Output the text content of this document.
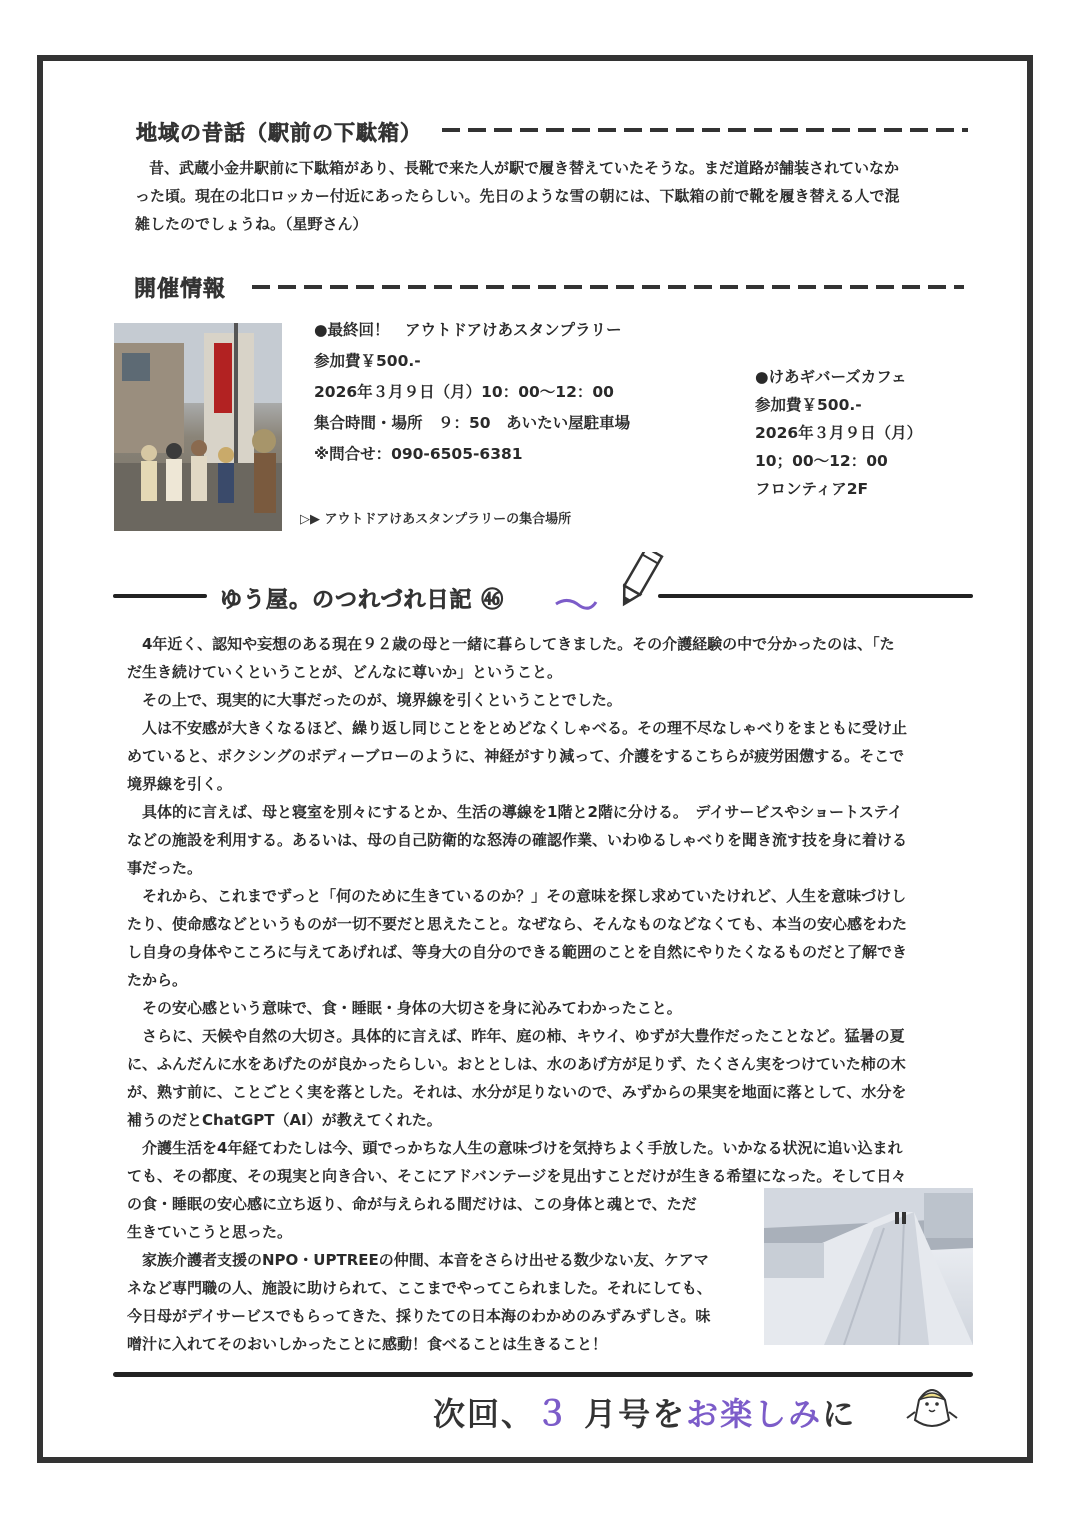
地域の昔話（駅前の下駄箱）
昔、武蔵小金井駅前に下駄箱があり、長靴で来た人が駅で履き替えていたそうな。まだ道路が舗装されていなか
った頃。現在の北口ロッカー付近にあったらしい。先日のような雪の朝には、下駄箱の前で靴を履き替える人で混
雑したのでしょうね。（星野さん）
開催情報
●最終回！　アウトドアけあスタンプラリー
参加費￥500.-
2026年３月９日（月）10：00〜12：00
集合時間・場所　９：50　あいたい屋駐車場
※問合せ：090-6505-6381
▷▶ アウトドアけあスタンプラリーの集合場所
●けあギバーズカフェ
参加費￥500.-
2026年３月９日（月）
10；00〜12：00
フロンティア2F
ゆう屋。のつれづれ日記 ㊻
　4年近く、認知や妄想のある現在９２歳の母と一緒に暮らしてきました。その介護経験の中で分かったのは、「た
だ生き続けていくということが、どんなに尊いか」ということ。
　その上で、現実的に大事だったのが、境界線を引くということでした。
　人は不安感が大きくなるほど、繰り返し同じことをとめどなくしゃべる。その理不尽なしゃべりをまともに受け止
めていると、ボクシングのボディーブローのように、神経がすり減って、介護をするこちらが疲労困憊する。そこで
境界線を引く。
　具体的に言えば、母と寝室を別々にするとか、生活の導線を1階と2階に分ける。　デイサービスやショートステイ
などの施設を利用する。あるいは、母の自己防衛的な怒涛の確認作業、いわゆるしゃべりを聞き流す技を身に着ける
事だった。
　それから、これまでずっと「何のために生きているのか？」その意味を探し求めていたけれど、人生を意味づけし
たり、使命感などというものが一切不要だと思えたこと。なぜなら、そんなものなどなくても、本当の安心感をわた
し自身の身体やこころに与えてあげれば、等身大の自分のできる範囲のことを自然にやりたくなるものだと了解でき
たから。
　その安心感という意味で、食・睡眠・身体の大切さを身に沁みてわかったこと。
　さらに、天候や自然の大切さ。具体的に言えば、昨年、庭の柿、キウイ、ゆずが大豊作だったことなど。猛暑の夏
に、ふんだんに水をあげたのが良かったらしい。おととしは、水のあげ方が足りず、たくさん実をつけていた柿の木
が、熟す前に、ことごとく実を落とした。それは、水分が足りないので、みずからの果実を地面に落として、水分を
補うのだとChatGPT（AI）が教えてくれた。
　介護生活を4年経てわたしは今、頭でっかちな人生の意味づけを気持ちよく手放した。いかなる状況に追い込まれ
ても、その都度、その現実と向き合い、そこにアドバンテージを見出すことだけが生きる希望になった。そして日々
の食・睡眠の安心感に立ち返り、命が与えられる間だけは、この身体と魂とで、ただ
生きていこうと思った。
　家族介護者支援のNPO・UPTREEの仲間、本音をさらけ出せる数少ない友、ケアマ
ネなど専門職の人、施設に助けられて、ここまでやってこられました。それにしても、
今日母がデイサービスでもらってきた、採りたての日本海のわかめのみずみずしさ。味
噌汁に入れてそのおいしかったことに感動！食べることは生きること！
次回、３ 月号をお楽しみに
